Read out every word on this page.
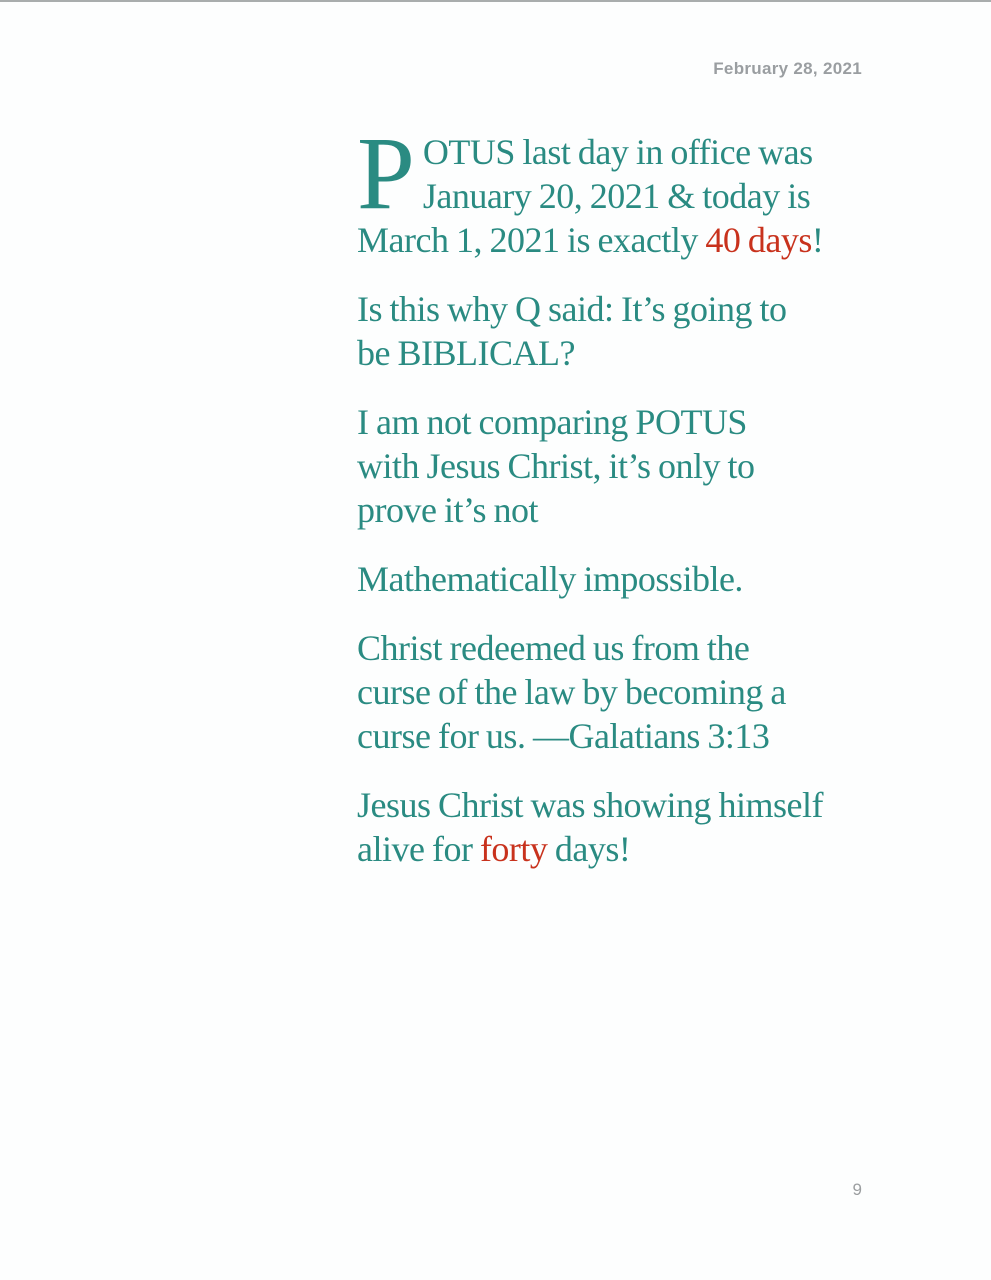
February 28, 2021
P OTUS last day in office was
January 20, 2021 & today is
March 1, 2021 is exactly 40 days!
Is this why Q said: It’s going to
be BIBLICAL?
I am not comparing POTUS
with Jesus Christ, it’s only to
prove it’s not
Mathematically impossible.
Christ redeemed us from the
curse of the law by becoming a
curse for us. —Galatians 3:13
Jesus Christ was showing himself
alive for forty days!
9
